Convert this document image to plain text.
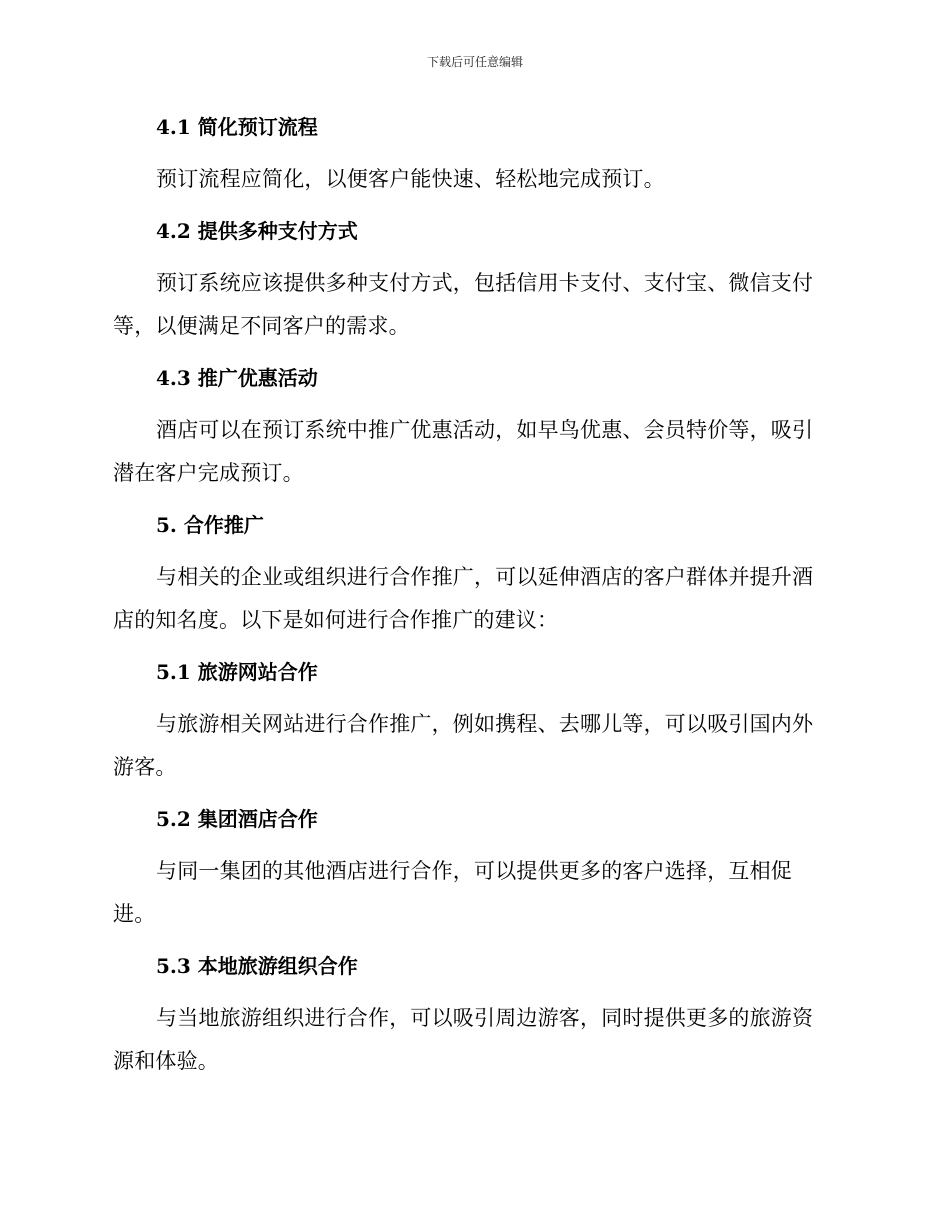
下载后可任意编辑
4.1 简化预订流程

预订流程应简化，以便客户能快速、轻松地完成预订。

4.2 提供多种支付方式

预订系统应该提供多种支付方式，包括信用卡支付、支付宝、微信支付等，以便满足不同客户的需求。

4.3 推广优惠活动

酒店可以在预订系统中推广优惠活动，如早鸟优惠、会员特价等，吸引潜在客户完成预订。

5. 合作推广

与相关的企业或组织进行合作推广，可以延伸酒店的客户群体并提升酒店的知名度。以下是如何进行合作推广的建议：

5.1 旅游网站合作

与旅游相关网站进行合作推广，例如携程、去哪儿等，可以吸引国内外游客。

5.2 集团酒店合作

与同一集团的其他酒店进行合作，可以提供更多的客户选择，互相促进。

5.3 本地旅游组织合作

与当地旅游组织进行合作，可以吸引周边游客，同时提供更多的旅游资源和体验。
